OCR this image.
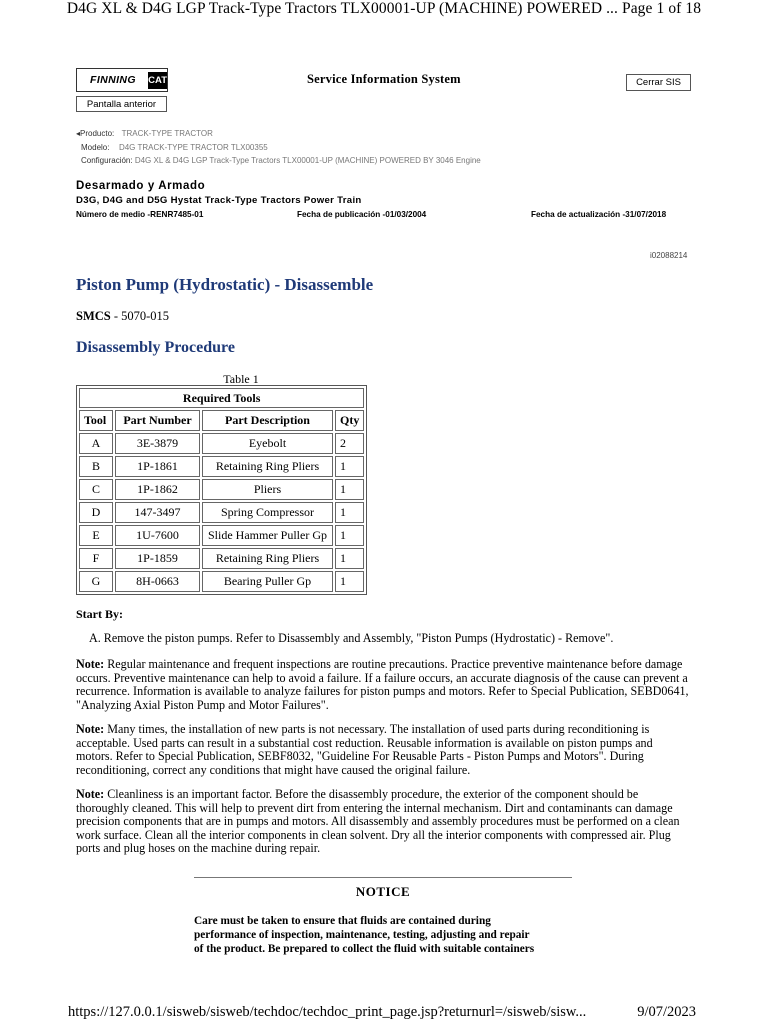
D4G XL & D4G LGP Track-Type Tractors TLX00001-UP (MACHINE) POWERED ... Page 1 of 18
FINNING	CAT
Pantalla anterior
Service Information System	Cerrar SIS
◂Producto: TRACK-TYPE TRACTOR
Modelo: D4G TRACK-TYPE TRACTOR TLX00355
Configuración: D4G XL & D4G LGP Track-Type Tractors TLX00001-UP (MACHINE) POWERED BY 3046 Engine
Desarmado y Armado
D3G, D4G and D5G Hystat Track-Type Tractors Power Train
Número de medio -RENR7485-01	Fecha de publicación -01/03/2004	Fecha de actualización -31/07/2018
i02088214
Piston Pump (Hydrostatic) - Disassemble
SMCS - 5070-015
Disassembly Procedure
Table 1
Required Tools			
Tool	Part Number	Part Description	Qty
A	3E-3879	Eyebolt	2
B	1P-1861	Retaining Ring Pliers	1
C	1P-1862	Pliers	1
D	147-3497	Spring Compressor	1
E	1U-7600	Slide Hammer Puller Gp	1
F	1P-1859	Retaining Ring Pliers	1
G	8H-0663	Bearing Puller Gp	1
Start By:
A. Remove the piston pumps. Refer to Disassembly and Assembly, "Piston Pumps (Hydrostatic) - Remove".
Note: Regular maintenance and frequent inspections are routine precautions. Practice preventive maintenance before damage occurs. Preventive maintenance can help to avoid a failure. If a failure occurs, an accurate diagnosis of the cause can prevent a recurrence. Information is available to analyze failures for piston pumps and motors. Refer to Special Publication, SEBD0641, "Analyzing Axial Piston Pump and Motor Failures".
Note: Many times, the installation of new parts is not necessary. The installation of used parts during reconditioning is acceptable. Used parts can result in a substantial cost reduction. Reusable information is available on piston pumps and motors. Refer to Special Publication, SEBF8032, "Guideline For Reusable Parts - Piston Pumps and Motors". During reconditioning, correct any conditions that might have caused the original failure.
Note: Cleanliness is an important factor. Before the disassembly procedure, the exterior of the component should be thoroughly cleaned. This will help to prevent dirt from entering the internal mechanism. Dirt and contaminants can damage precision components that are in pumps and motors. All disassembly and assembly procedures must be performed on a clean work surface. Clean all the interior components in clean solvent. Dry all the interior components with compressed air. Plug ports and plug hoses on the machine during repair.
NOTICE
Care must be taken to ensure that fluids are contained during
performance of inspection, maintenance, testing, adjusting and repair
of the product. Be prepared to collect the fluid with suitable containers
https://127.0.0.1/sisweb/sisweb/techdoc/techdoc_print_page.jsp?returnurl=/sisweb/sisw...	9/07/2023
